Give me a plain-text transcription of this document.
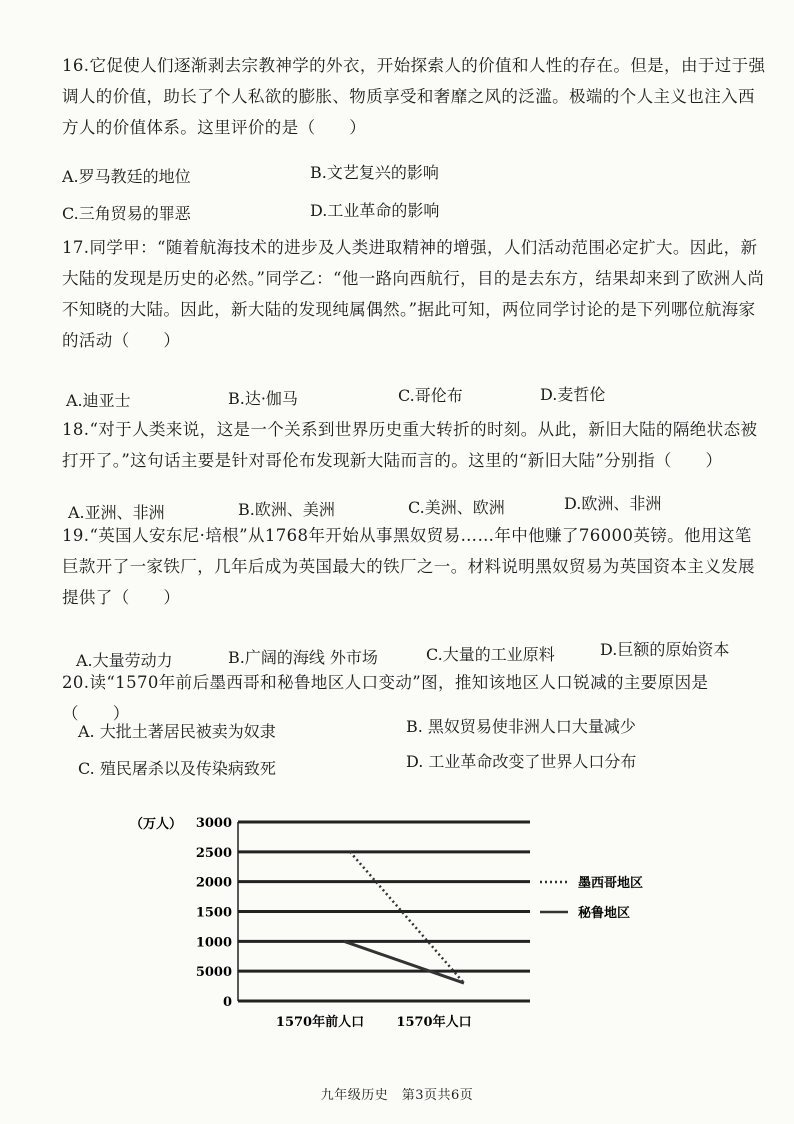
16.它促使人们逐渐剥去宗教神学的外衣，开始探索人的价值和人性的存在。但是，由于过于强调人的价值，助长了个人私欲的膨胀、物质享受和奢靡之风的泛滥。极端的个人主义也注入西方人的价值体系。这里评价的是（　　）
A.罗马教廷的地位	B.文艺复兴的影响
C.三角贸易的罪恶	D.工业革命的影响
17.同学甲：“随着航海技术的进步及人类进取精神的增强，人们活动范围必定扩大。因此，新大陆的发现是历史的必然。”同学乙：“他一路向西航行，目的是去东方，结果却来到了欧洲人尚不知晓的大陆。因此，新大陆的发现纯属偶然。”据此可知，两位同学讨论的是下列哪位航海家的活动（　　）
A.迪亚士	B.达·伽马	C.哥伦布	D.麦哲伦
18.“对于人类来说，这是一个关系到世界历史重大转折的时刻。从此，新旧大陆的隔绝状态被打开了。”这句话主要是针对哥伦布发现新大陆而言的。这里的“新旧大陆”分别指（　　）
A.亚洲、非洲	B.欧洲、美洲	C.美洲、欧洲	D.欧洲、非洲
19.“英国人安东尼·培根”从1768年开始从事黑奴贸易……年中他赚了76000英镑。他用这笔巨款开了一家铁厂，几年后成为英国最大的铁厂之一。材料说明黑奴贸易为英国资本主义发展提供了（　　）
A.大量劳动力	B.广阔的海线 外市场	C.大量的工业原料	D.巨额的原始资本
20.读“1570年前后墨西哥和秘鲁地区人口变动”图，推知该地区人口锐减的主要原因是（　　）
A. 大批土著居民被卖为奴隶	B. 黑奴贸易使非洲人口大量减少
C. 殖民屠杀以及传染病致死	D. 工业革命改变了世界人口分布
（万人） 3000
2500
2000
1500
1000
5000
0
1570年前人口 1570年人口
墨西哥地区
秘鲁地区
九年级历史　第3页共6页
